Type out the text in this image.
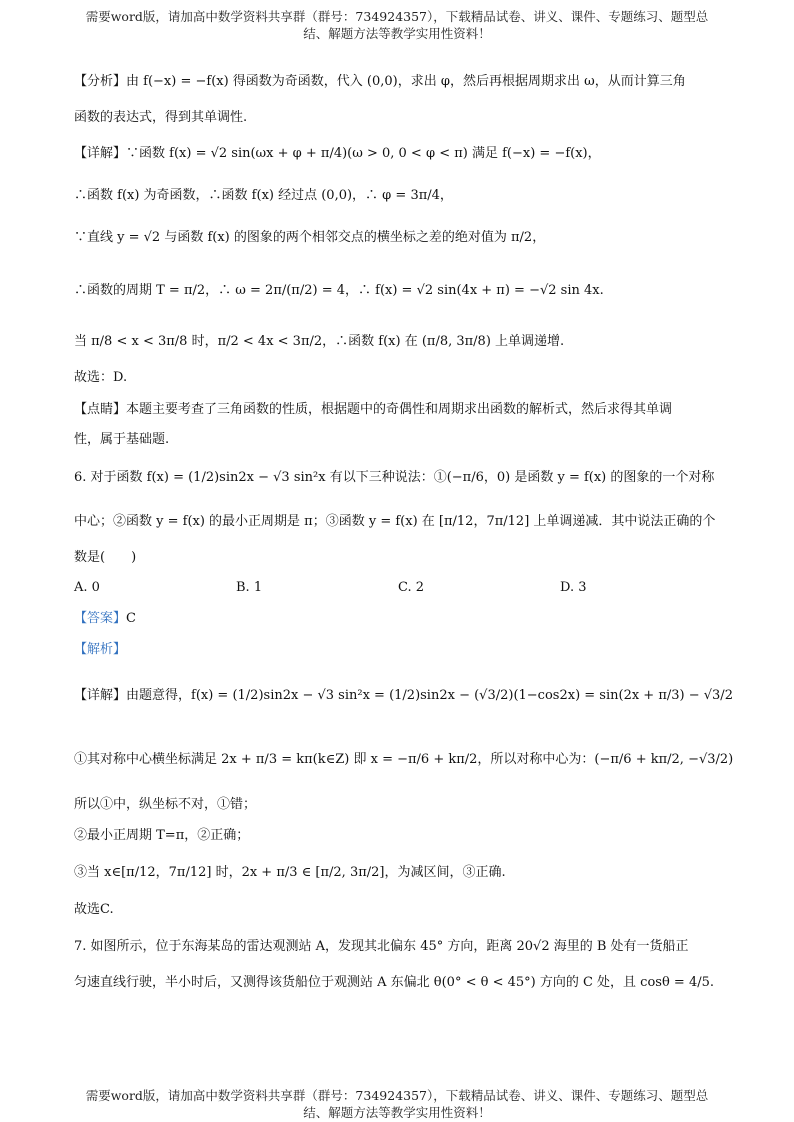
需要word版，请加高中数学资料共享群（群号：734924357），下载精品试卷、讲义、课件、专题练习、题型总
结、解题方法等教学实用性资料！
【分析】由 f(−x) = −f(x) 得函数为奇函数，代入 (0,0)，求出 φ，然后再根据周期求出 ω，从而计算三角
函数的表达式，得到其单调性.
【详解】∵函数 f(x) = √2 sin(ωx + φ + π/4)(ω > 0, 0 < φ < π) 满足 f(−x) = −f(x)，
∴函数 f(x) 为奇函数，∴函数 f(x) 经过点 (0,0)，∴ φ = 3π/4，
∵直线 y = √2 与函数 f(x) 的图象的两个相邻交点的横坐标之差的绝对值为 π/2，
∴函数的周期 T = π/2，∴ ω = 2π/(π/2) = 4，∴ f(x) = √2 sin(4x + π) = −√2 sin 4x.
当 π/8 < x < 3π/8 时，π/2 < 4x < 3π/2，∴函数 f(x) 在 (π/8, 3π/8) 上单调递增.
故选：D.
【点睛】本题主要考查了三角函数的性质，根据题中的奇偶性和周期求出函数的解析式，然后求得其单调
性，属于基础题.
6. 对于函数 f(x) = (1/2)sin2x − √3 sin²x 有以下三种说法：①(−π/6，0) 是函数 y = f(x) 的图象的一个对称
中心；②函数 y = f(x) 的最小正周期是 π；③函数 y = f(x) 在 [π/12，7π/12] 上单调递减．其中说法正确的个
数是(　　)
A. 0	B. 1	C. 2	D. 3
【答案】C
【解析】
【详解】由题意得，f(x) = (1/2)sin2x − √3 sin²x = (1/2)sin2x − (√3/2)(1−cos2x) = sin(2x + π/3) − √3/2
①其对称中心横坐标满足 2x + π/3 = kπ(k∈Z) 即 x = −π/6 + kπ/2，所以对称中心为：(−π/6 + kπ/2, −√3/2)
所以①中，纵坐标不对，①错；
②最小正周期 T=π，②正确；
③当 x∈[π/12，7π/12] 时，2x + π/3 ∈ [π/2, 3π/2]，为减区间，③正确.
故选C.
7. 如图所示，位于东海某岛的雷达观测站 A，发现其北偏东 45° 方向，距离 20√2 海里的 B 处有一货船正
匀速直线行驶，半小时后，又测得该货船位于观测站 A 东偏北 θ(0° < θ < 45°) 方向的 C 处，且 cosθ = 4/5.
需要word版，请加高中数学资料共享群（群号：734924357），下载精品试卷、讲义、课件、专题练习、题型总
结、解题方法等教学实用性资料！
